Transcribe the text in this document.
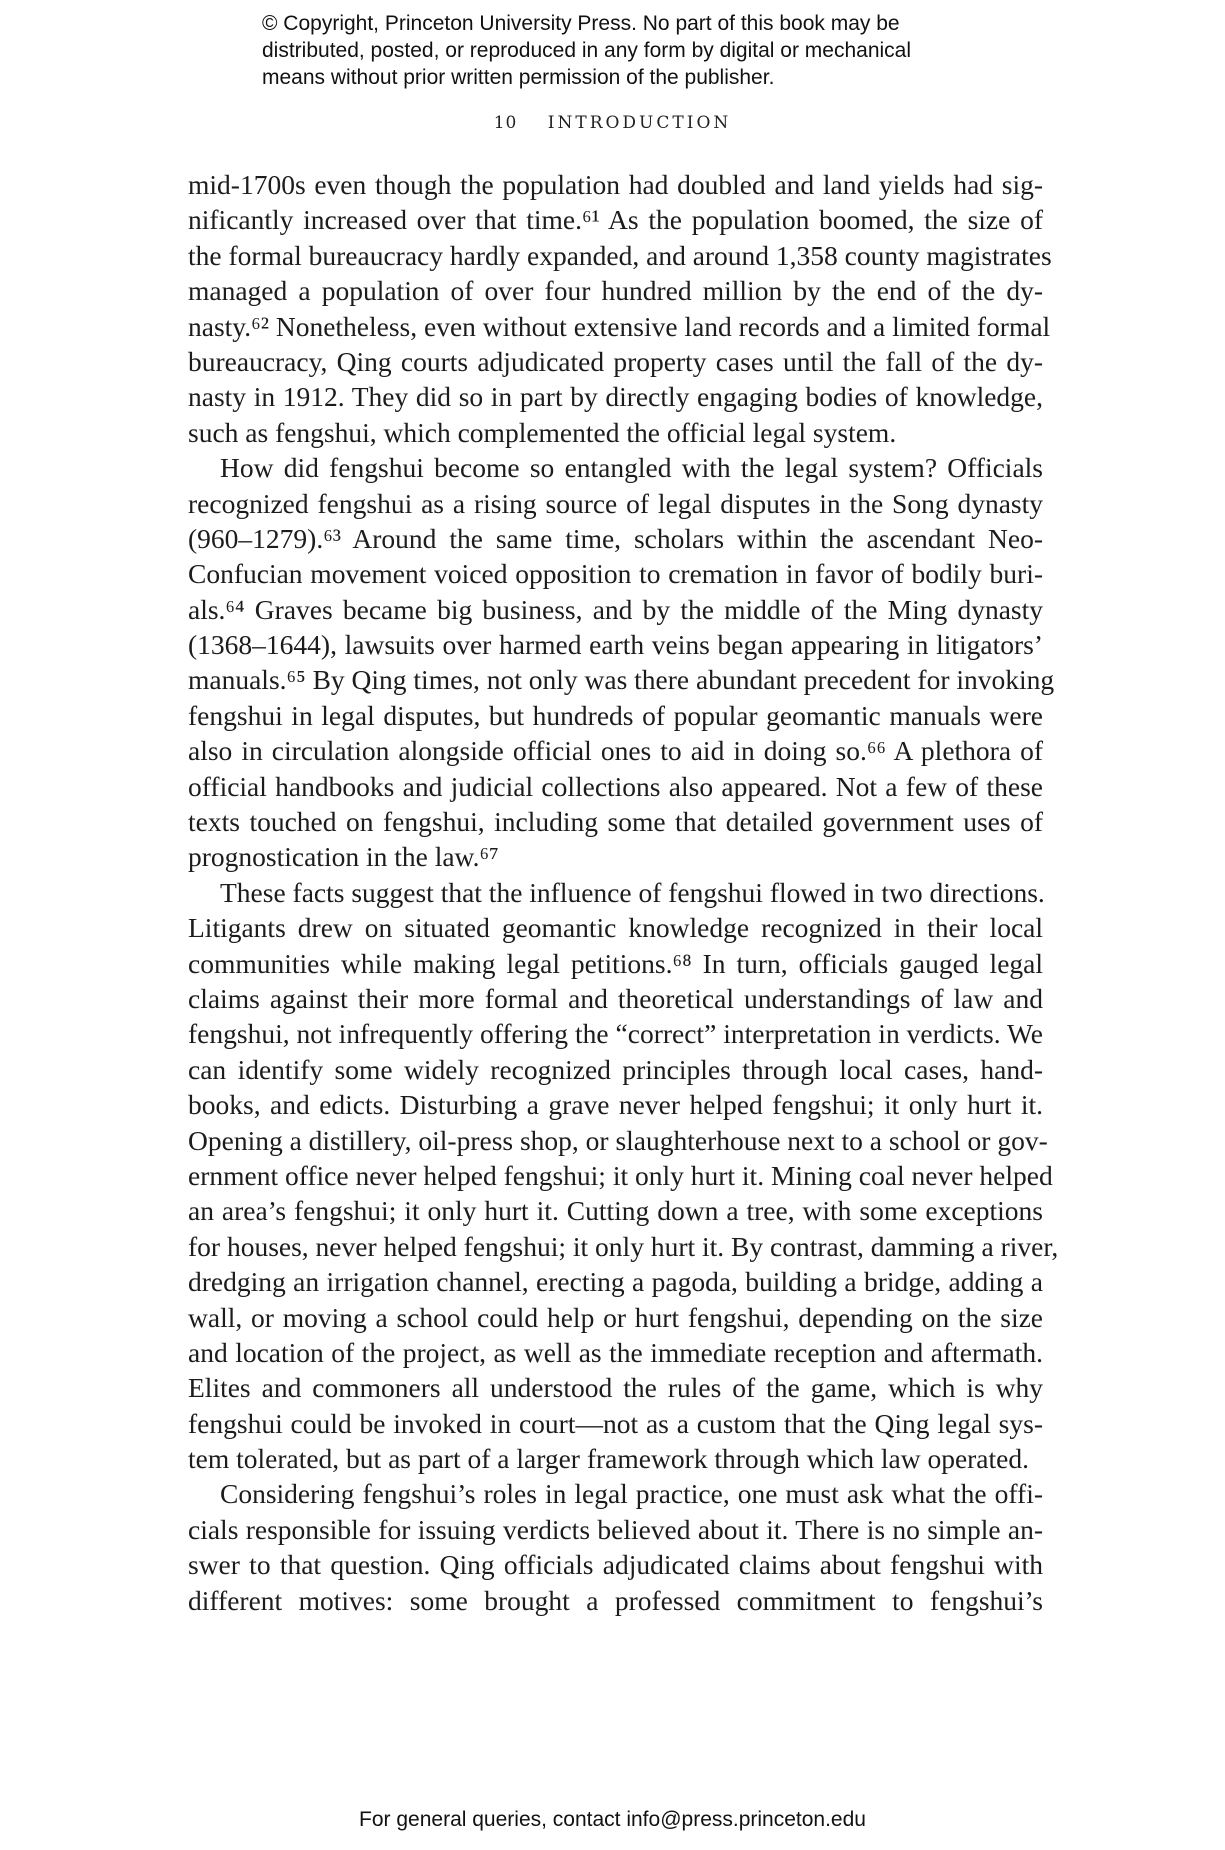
© Copyright, Princeton University Press. No part of this book may be
distributed, posted, or reproduced in any form by digital or mechanical
means without prior written permission of the publisher.
10 INTRODUCTION
mid-1700s even though the population had doubled and land yields had sig-
nificantly increased over that time.⁶¹ As the population boomed, the size of
the formal bureaucracy hardly expanded, and around 1,358 county magistrates
managed a population of over four hundred million by the end of the dy-
nasty.⁶² Nonetheless, even without extensive land records and a limited formal
bureaucracy, Qing courts adjudicated property cases until the fall of the dy-
nasty in 1912. They did so in part by directly engaging bodies of knowledge,
such as fengshui, which complemented the official legal system.
How did fengshui become so entangled with the legal system? Officials
recognized fengshui as a rising source of legal disputes in the Song dynasty
(960–1279).⁶³ Around the same time, scholars within the ascendant Neo-
Confucian movement voiced opposition to cremation in favor of bodily buri-
als.⁶⁴ Graves became big business, and by the middle of the Ming dynasty
(1368–1644), lawsuits over harmed earth veins began appearing in litigators’
manuals.⁶⁵ By Qing times, not only was there abundant precedent for invoking
fengshui in legal disputes, but hundreds of popular geomantic manuals were
also in circulation alongside official ones to aid in doing so.⁶⁶ A plethora of
official handbooks and judicial collections also appeared. Not a few of these
texts touched on fengshui, including some that detailed government uses of
prognostication in the law.⁶⁷
These facts suggest that the influence of fengshui flowed in two directions.
Litigants drew on situated geomantic knowledge recognized in their local
communities while making legal petitions.⁶⁸ In turn, officials gauged legal
claims against their more formal and theoretical understandings of law and
fengshui, not infrequently offering the “correct” interpretation in verdicts. We
can identify some widely recognized principles through local cases, hand-
books, and edicts. Disturbing a grave never helped fengshui; it only hurt it.
Opening a distillery, oil-press shop, or slaughterhouse next to a school or gov-
ernment office never helped fengshui; it only hurt it. Mining coal never helped
an area’s fengshui; it only hurt it. Cutting down a tree, with some exceptions
for houses, never helped fengshui; it only hurt it. By contrast, damming a river,
dredging an irrigation channel, erecting a pagoda, building a bridge, adding a
wall, or moving a school could help or hurt fengshui, depending on the size
and location of the project, as well as the immediate reception and aftermath.
Elites and commoners all understood the rules of the game, which is why
fengshui could be invoked in court—not as a custom that the Qing legal sys-
tem tolerated, but as part of a larger framework through which law operated.
Considering fengshui’s roles in legal practice, one must ask what the offi-
cials responsible for issuing verdicts believed about it. There is no simple an-
swer to that question. Qing officials adjudicated claims about fengshui with
different motives: some brought a professed commitment to fengshui’s
For general queries, contact info@press.princeton.edu
